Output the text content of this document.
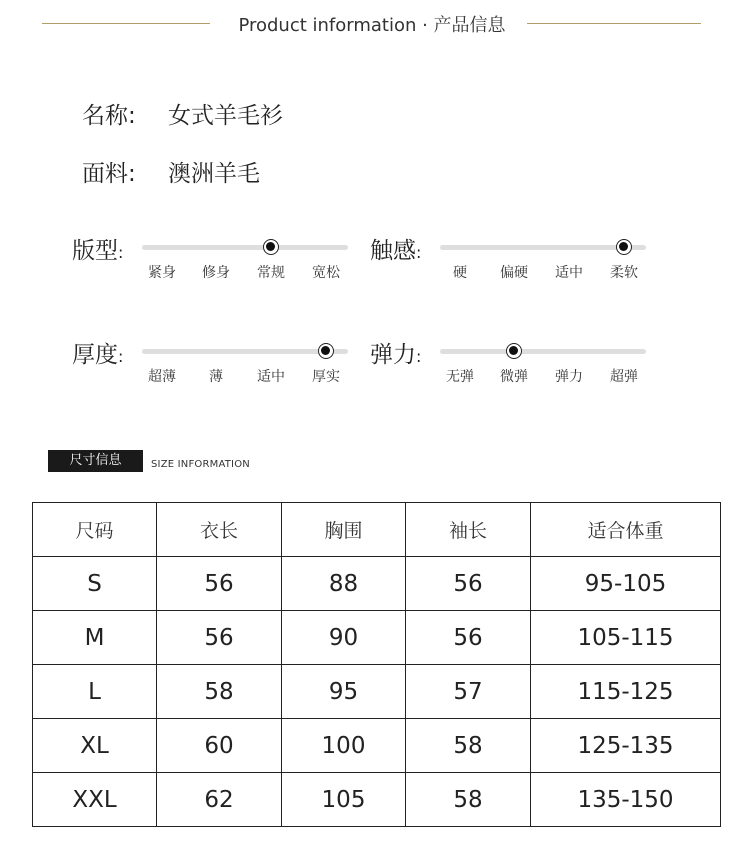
Product information · 产品信息
名称: 女式羊毛衫
面料: 澳洲羊毛
版型:
紧身 修身 常规 宽松
触感:
硬 偏硬 适中 柔软
厚度:
超薄 薄 适中 厚实
弹力:
无弹 微弹 弹力 超弹
尺寸信息	SIZE INFORMATION
尺码	衣长	胸围	袖长	适合体重
S	56	88	56	95-105
M	56	90	56	105-115
L	58	95	57	115-125
XL	60	100	58	125-135
XXL	62	105	58	135-150
